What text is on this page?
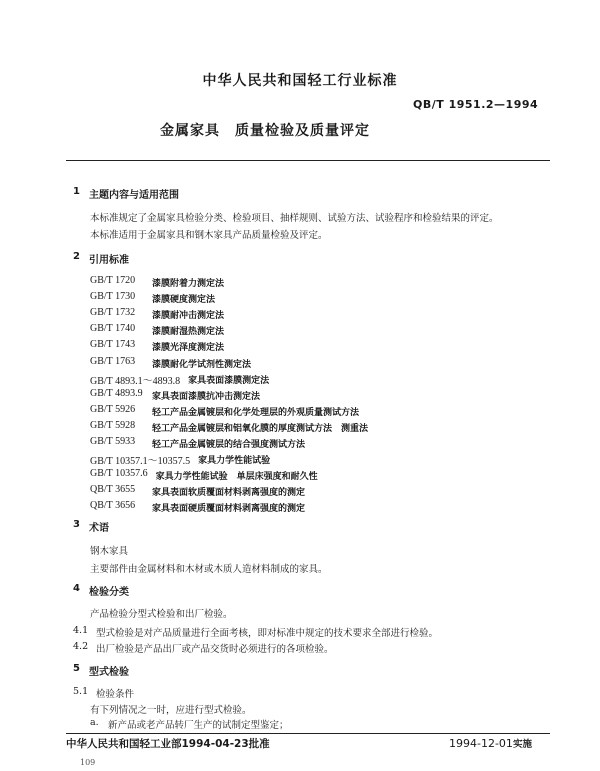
中华人民共和国轻工行业标准
QB/T 1951.2—1994
金属家具　质量检验及质量评定
1 主题内容与适用范围
本标准规定了金属家具检验分类、检验项目、抽样规则、试验方法、试验程序和检验结果的评定。
本标准适用于金属家具和钢木家具产品质量检验及评定。
2 引用标准
GB/T 1720 漆膜附着力测定法
GB/T 1730 漆膜硬度测定法
GB/T 1732 漆膜耐冲击测定法
GB/T 1740 漆膜耐湿热测定法
GB/T 1743 漆膜光泽度测定法
GB/T 1763 漆膜耐化学试剂性测定法
GB/T 4893.1～4893.8 家具表面漆膜测定法
GB/T 4893.9 家具表面漆膜抗冲击测定法
GB/T 5926 轻工产品金属镀层和化学处理层的外观质量测试方法
GB/T 5928 轻工产品金属镀层和铝氧化膜的厚度测试方法　测重法
GB/T 5933 轻工产品金属镀层的结合强度测试方法
GB/T 10357.1～10357.5 家具力学性能试验
GB/T 10357.6 家具力学性能试验　单层床强度和耐久性
QB/T 3655 家具表面软质覆面材料剥离强度的测定
QB/T 3656 家具表面硬质覆面材料剥离强度的测定
3 术语
钢木家具
主要部件由金属材料和木材或木质人造材料制成的家具。
4 检验分类
产品检验分型式检验和出厂检验。
4.1 型式检验是对产品质量进行全面考核，即对标准中规定的技术要求全部进行检验。
4.2 出厂检验是产品出厂或产品交货时必须进行的各项检验。
5 型式检验
5.1 检验条件
有下列情况之一时，应进行型式检验。
a. 新产品或老产品转厂生产的试制定型鉴定；
中华人民共和国轻工业部1994-04-23批准	1994-12-01实施
109
